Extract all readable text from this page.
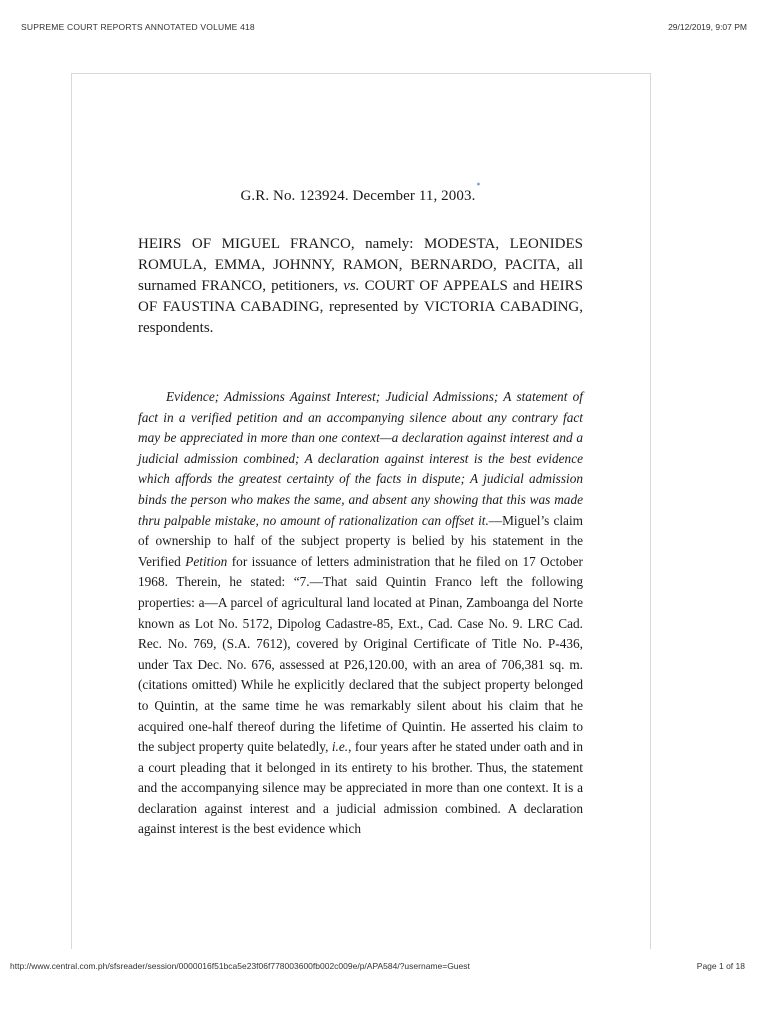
SUPREME COURT REPORTS ANNOTATED VOLUME 418	29/12/2019, 9:07 PM
G.R. No. 123924. December 11, 2003.*
HEIRS OF MIGUEL FRANCO, namely: MODESTA, LEONIDES ROMULA, EMMA, JOHNNY, RAMON, BERNARDO, PACITA, all surnamed FRANCO, petitioners, vs. COURT OF APPEALS and HEIRS OF FAUSTINA CABADING, represented by VICTORIA CABADING, respondents.
Evidence; Admissions Against Interest; Judicial Admissions; A statement of fact in a verified petition and an accompanying silence about any contrary fact may be appreciated in more than one context—a declaration against interest and a judicial admission combined; A declaration against interest is the best evidence which affords the greatest certainty of the facts in dispute; A judicial admission binds the person who makes the same, and absent any showing that this was made thru palpable mistake, no amount of rationalization can offset it.—Miguel’s claim of ownership to half of the subject property is belied by his statement in the Verified Petition for issuance of letters administration that he filed on 17 October 1968. Therein, he stated: “7.—That said Quintin Franco left the following properties: a—A parcel of agricultural land located at Pinan, Zamboanga del Norte known as Lot No. 5172, Dipolog Cadastre-85, Ext., Cad. Case No. 9. LRC Cad. Rec. No. 769, (S.A. 7612), covered by Original Certificate of Title No. P-436, under Tax Dec. No. 676, assessed at P26,120.00, with an area of 706,381 sq. m. (citations omitted) While he explicitly declared that the subject property belonged to Quintin, at the same time he was remarkably silent about his claim that he acquired one-half thereof during the lifetime of Quintin. He asserted his claim to the subject property quite belatedly, i.e., four years after he stated under oath and in a court pleading that it belonged in its entirety to his brother. Thus, the statement and the accompanying silence may be appreciated in more than one context. It is a declaration against interest and a judicial admission combined. A declaration against interest is the best evidence which
http://www.central.com.ph/sfsreader/session/0000016f51bca5e23f06f778003600fb002c009e/p/APA584/?username=Guest	Page 1 of 18
